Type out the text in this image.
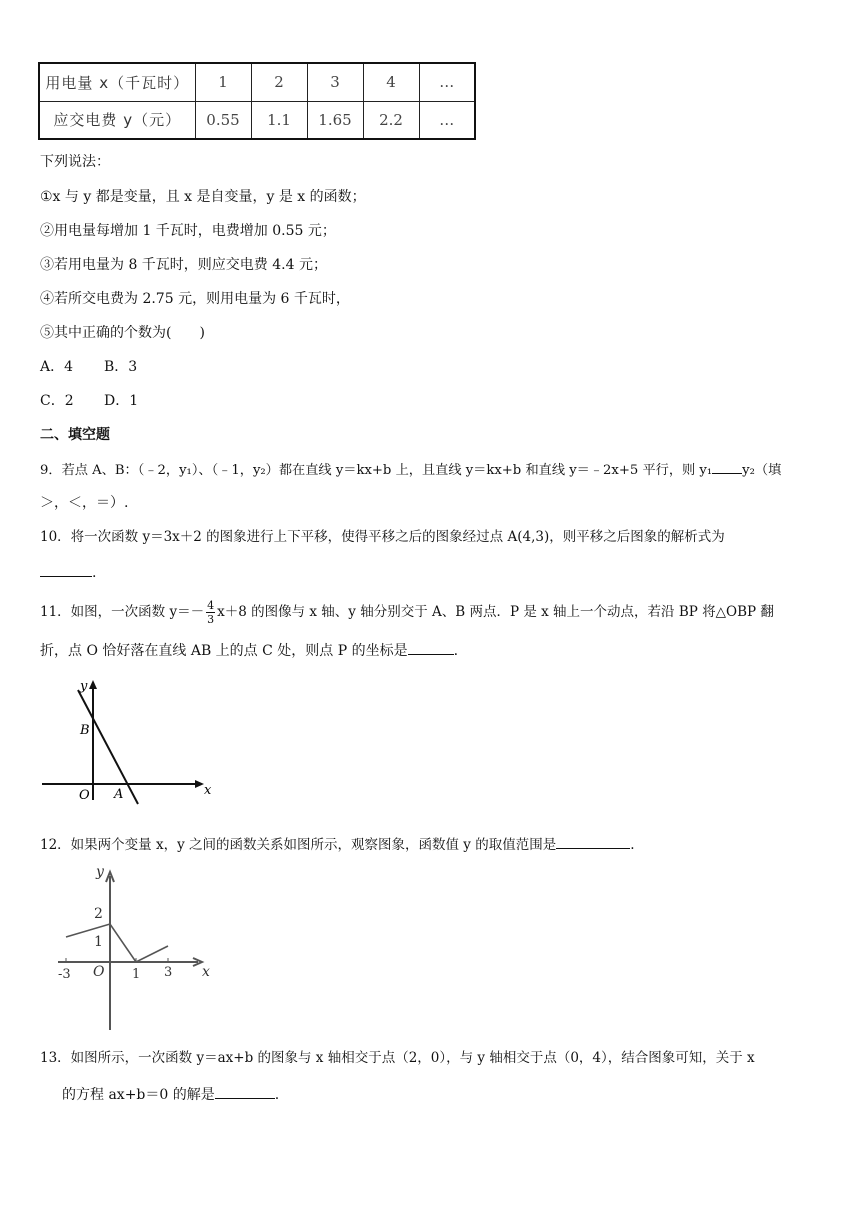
用电量 x（千瓦时）	1	2	3	4	…
应交电费 y（元）	0.55	1.1	1.65	2.2	…
下列说法：
①x 与 y 都是变量，且 x 是自变量，y 是 x 的函数；
②用电量每增加 1 千瓦时，电费增加 0.55 元；
③若用电量为 8 千瓦时，则应交电费 4.4 元；
④若所交电费为 2.75 元，则用电量为 6 千瓦时，
⑤其中正确的个数为(　　)
A．4 B．3
C．2 D．1
二、填空题
9．若点 A、B：（﹣2，y₁）、（﹣1，y₂）都在直线 y＝kx+b 上，且直线 y＝kx+b 和直线 y＝﹣2x+5 平行，则 y₁ y₂（填
＞，＜，＝）.
10．将一次函数 y＝3x＋2 的图象进行上下平移，使得平移之后的图象经过点 A(4,3)，则平移之后图象的解析式为
.
11．如图，一次函数 $y=- \frac{4}{3} x+8$ 的图像与 x 轴、y 轴分别交于 A、B 两点．P 是 x 轴上一个动点，若沿 BP 将△OBP 翻
折，点 O 恰好落在直线 AB 上的点 C 处，则点 P 的坐标是	.
y
x
O A
B
12．如果两个变量 x，y 之间的函数关系如图所示，观察图象，函数值 y 的取值范围是	.
y
x
O
2
1
-3	1 3
13．如图所示，一次函数 y＝ax+b 的图象与 x 轴相交于点（2，0），与 y 轴相交于点（0，4），结合图象可知，关于 x
的方程 ax+b＝0 的解是	.
